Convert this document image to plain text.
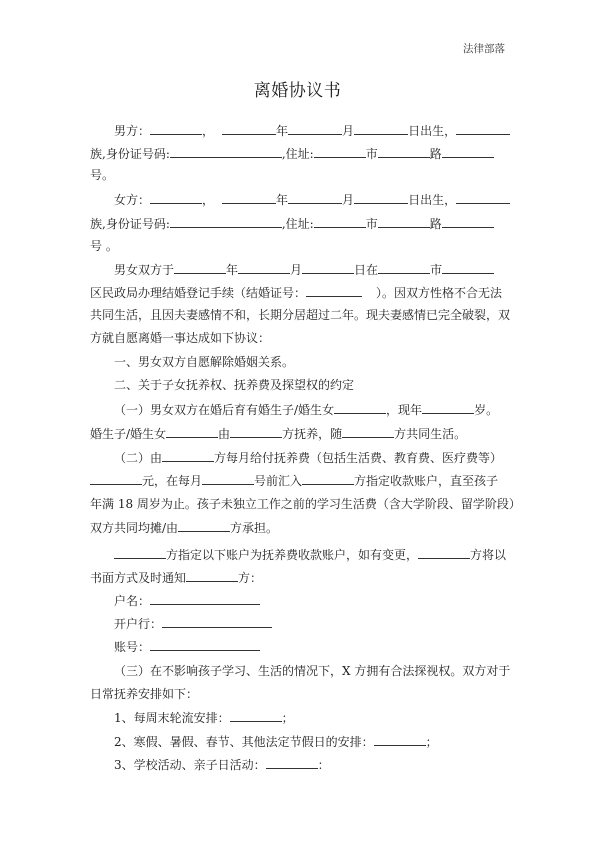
法律部落
离婚协议书
男方：	，	年	月	日出生，
族,身份证号码:	,住址:	市	路
号。
女方：	，	年	月	日出生，
族,身份证号码:	,住址:	市	路
号 。
男女双方于	年	月	日在	市
区民政局办理结婚登记手续（结婚证号：	）。因双方性格不合无法
共同生活，且因夫妻感情不和，长期分居超过二年。现夫妻感情已完全破裂，双
方就自愿离婚一事达成如下协议：
一、男女双方自愿解除婚姻关系。
二、关于子女抚养权、抚养费及探望权的约定
（一）男女双方在婚后育有婚生子/婚生女	，现年	岁。
婚生子/婚生女	由	方抚养，随	方共同生活。
（二）由	方每月给付抚养费（包括生活费、教育费、医疗费等）
元，在每月	号前汇入	方指定收款账户，直至孩子
年满 18 周岁为止。孩子未独立工作之前的学习生活费（含大学阶段、留学阶段）
双方共同均摊/由	方承担。
方指定以下账户为抚养费收款账户，如有变更，	方将以
书面方式及时通知	方：
户名：
开户行：
账号：
（三）在不影响孩子学习、生活的情况下，X 方拥有合法探视权。双方对于
日常抚养安排如下：
1、每周末轮流安排：	；
2、寒假、暑假、春节、其他法定节假日的安排：	；
3、学校活动、亲子日活动：	：
